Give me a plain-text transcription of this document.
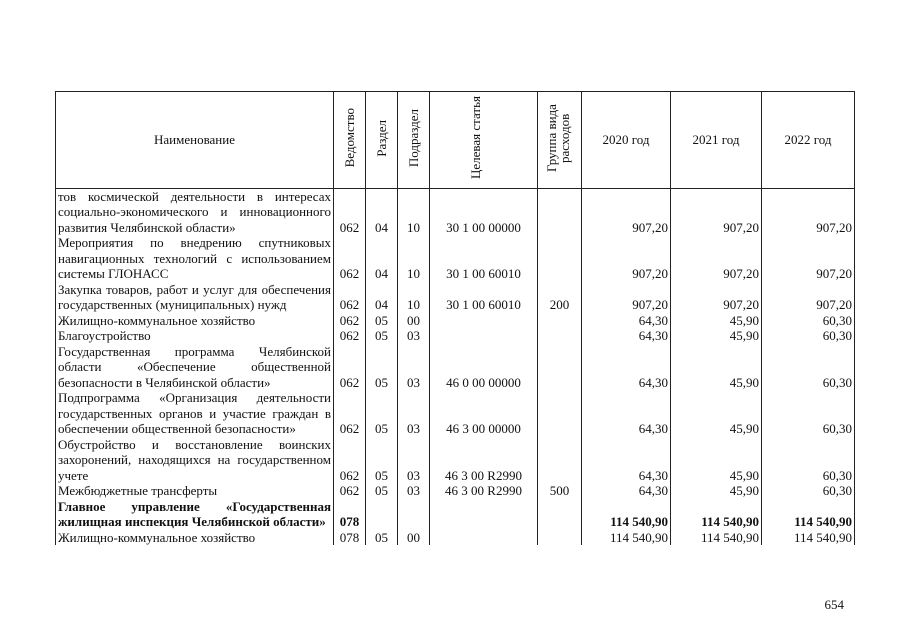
Наименование	Ведомство	Раздел	Подраздел	Целевая статья	Группа вида расходов	2020 год	2021 год	2022 год
тов космической деятельности в интересах социально-экономического и инновационного развития Челябинской области»	062	04	10	30 1 00 00000		907,20	907,20	907,20
Мероприятия по внедрению спутниковых навигационных технологий с использованием системы ГЛОНАСС	062	04	10	30 1 00 60010		907,20	907,20	907,20
Закупка товаров, работ и услуг для обеспечения государственных (муниципальных) нужд	062	04	10	30 1 00 60010	200	907,20	907,20	907,20
Жилищно-коммунальное хозяйство	062	05	00			64,30	45,90	60,30
Благоустройство	062	05	03			64,30	45,90	60,30
Государственная программа Челябинской области «Обеспечение общественной безопасности в Челябинской области»	062	05	03	46 0 00 00000		64,30	45,90	60,30
Подпрограмма «Организация деятельности государственных органов и участие граждан в обеспечении общественной безопасности»	062	05	03	46 3 00 00000		64,30	45,90	60,30
Обустройство и восстановление воинских захоронений, находящихся на государственном учете	062	05	03	46 3 00 R2990		64,30	45,90	60,30
Межбюджетные трансферты	062	05	03	46 3 00 R2990	500	64,30	45,90	60,30
Главное управление «Государственная жилищная инспекция Челябинской области»	078					114 540,90	114 540,90	114 540,90
Жилищно-коммунальное хозяйство	078	05	00			114 540,90	114 540,90	114 540,90
654
